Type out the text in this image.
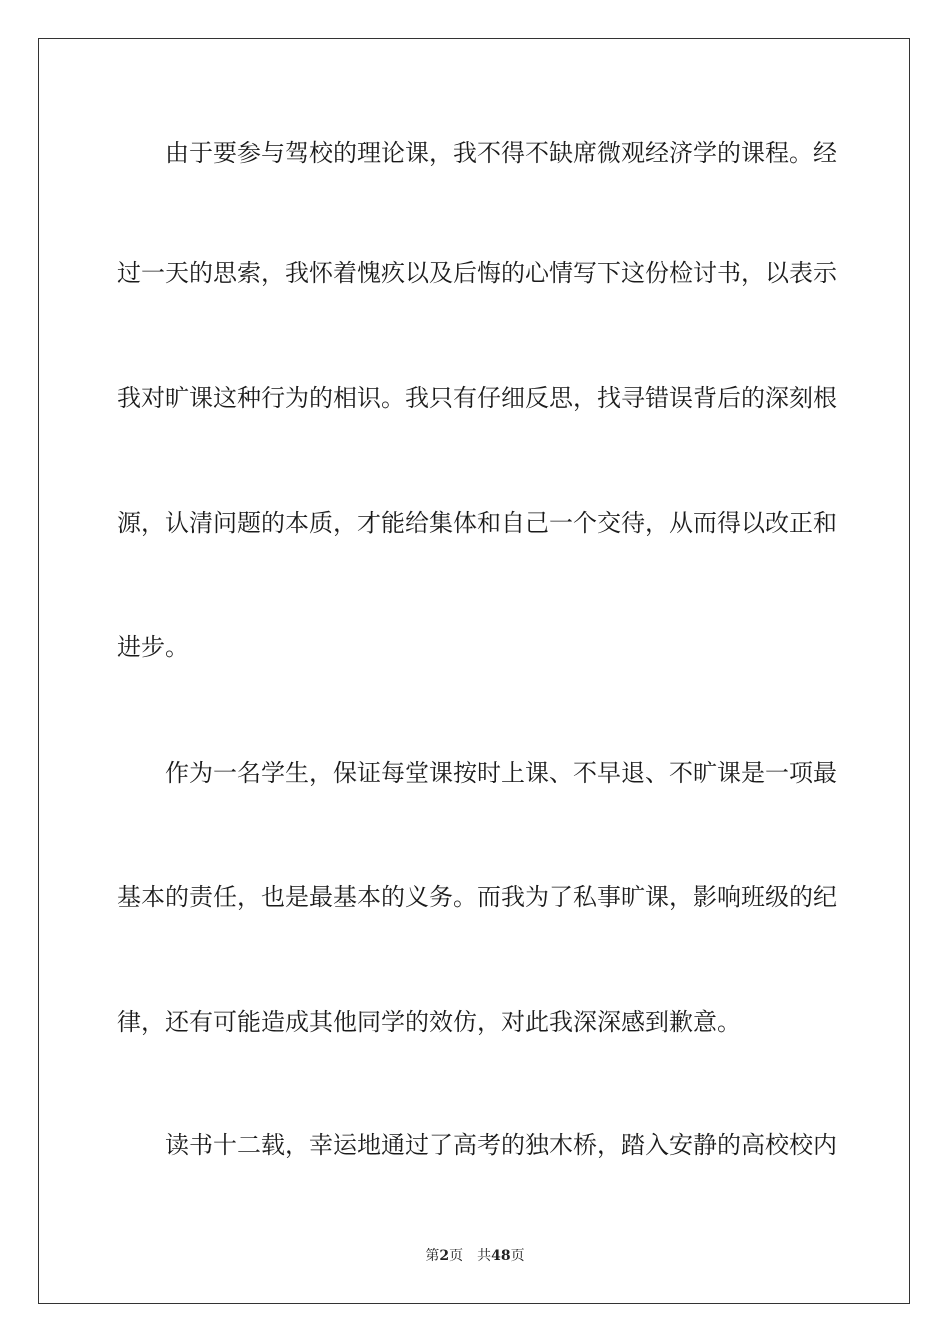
由于要参与驾校的理论课，我不得不缺席微观经济学的课程。经
过一天的思索，我怀着愧疚以及后悔的心情写下这份检讨书，以表示
我对旷课这种行为的相识。我只有仔细反思，找寻错误背后的深刻根
源，认清问题的本质，才能给集体和自己一个交待，从而得以改正和
进步。
作为一名学生，保证每堂课按时上课、不早退、不旷课是一项最
基本的责任，也是最基本的义务。而我为了私事旷课，影响班级的纪
律，还有可能造成其他同学的效仿，对此我深深感到歉意。
读书十二载，幸运地通过了高考的独木桥，踏入安静的高校校内
第2页 共48页
